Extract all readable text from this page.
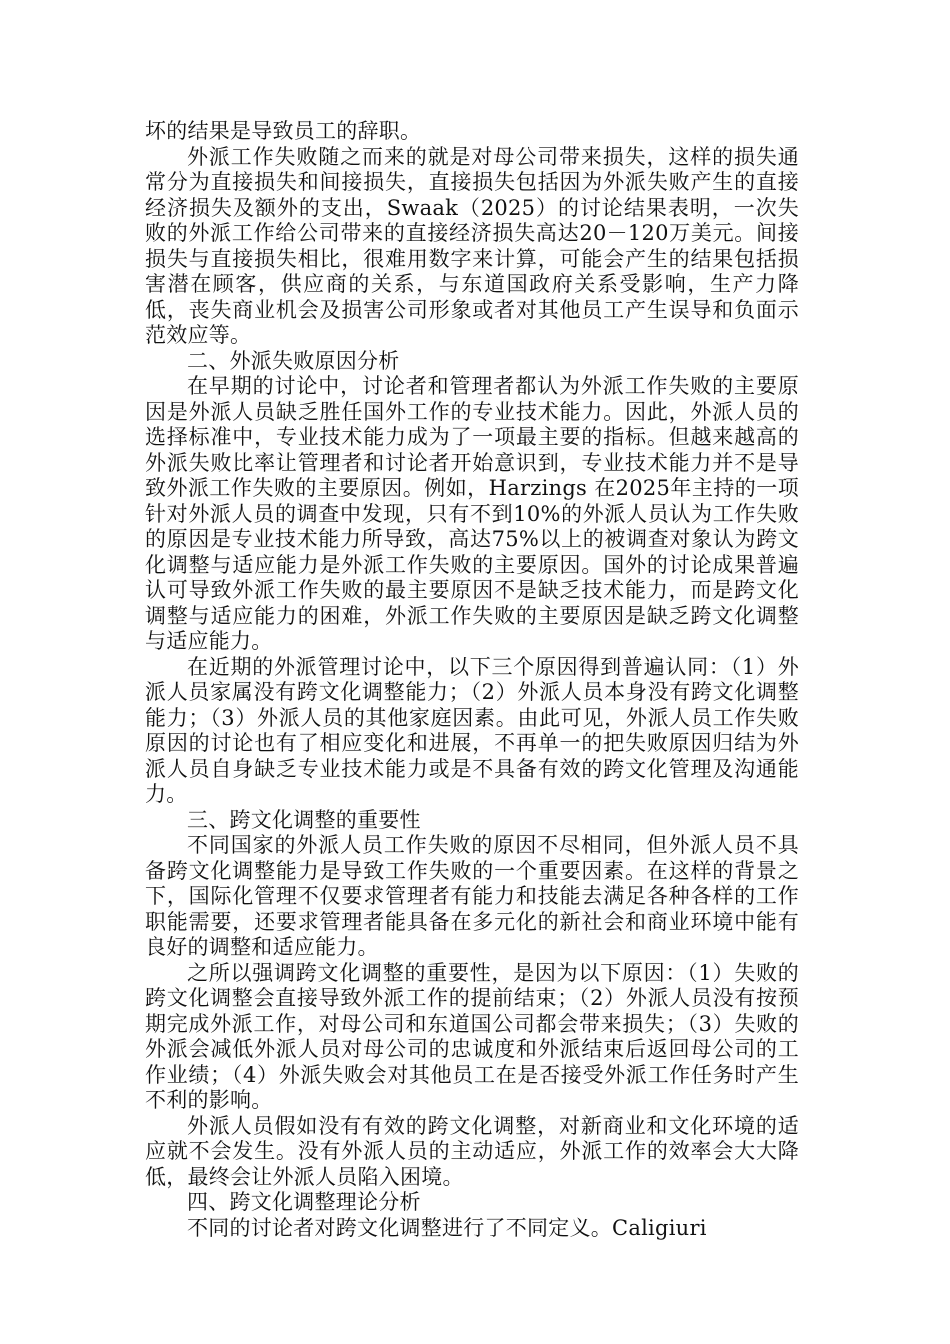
坏的结果是导致员工的辞职。

外派工作失败随之而来的就是对母公司带来损失，这样的损失通常分为直接损失和间接损失，直接损失包括因为外派失败产生的直接经济损失及额外的支出，Swaak（2025）的讨论结果表明，一次失败的外派工作给公司带来的直接经济损失高达20－120万美元。间接损失与直接损失相比，很难用数字来计算，可能会产生的结果包括损害潜在顾客，供应商的关系，与东道国政府关系受影响，生产力降低，丧失商业机会及损害公司形象或者对其他员工产生误导和负面示范效应等。

二、外派失败原因分析

在早期的讨论中，讨论者和管理者都认为外派工作失败的主要原因是外派人员缺乏胜任国外工作的专业技术能力。因此，外派人员的选择标准中，专业技术能力成为了一项最主要的指标。但越来越高的外派失败比率让管理者和讨论者开始意识到，专业技术能力并不是导致外派工作失败的主要原因。例如，Harzings 在2025年主持的一项针对外派人员的调查中发现，只有不到10%的外派人员认为工作失败的原因是专业技术能力所导致，高达75%以上的被调查对象认为跨文化调整与适应能力是外派工作失败的主要原因。国外的讨论成果普遍认可导致外派工作失败的最主要原因不是缺乏技术能力，而是跨文化调整与适应能力的困难，外派工作失败的主要原因是缺乏跨文化调整与适应能力。

在近期的外派管理讨论中，以下三个原因得到普遍认同：（1）外派人员家属没有跨文化调整能力；（2）外派人员本身没有跨文化调整能力；（3）外派人员的其他家庭因素。由此可见，外派人员工作失败原因的讨论也有了相应变化和进展，不再单一的把失败原因归结为外派人员自身缺乏专业技术能力或是不具备有效的跨文化管理及沟通能力。

三、跨文化调整的重要性

不同国家的外派人员工作失败的原因不尽相同，但外派人员不具备跨文化调整能力是导致工作失败的一个重要因素。在这样的背景之下，国际化管理不仅要求管理者有能力和技能去满足各种各样的工作职能需要，还要求管理者能具备在多元化的新社会和商业环境中能有良好的调整和适应能力。

之所以强调跨文化调整的重要性，是因为以下原因：（1）失败的跨文化调整会直接导致外派工作的提前结束；（2）外派人员没有按预期完成外派工作，对母公司和东道国公司都会带来损失；（3）失败的外派会减低外派人员对母公司的忠诚度和外派结束后返回母公司的工作业绩；（4）外派失败会对其他员工在是否接受外派工作任务时产生不利的影响。

外派人员假如没有有效的跨文化调整，对新商业和文化环境的适应就不会发生。没有外派人员的主动适应，外派工作的效率会大大降低，最终会让外派人员陷入困境。

四、跨文化调整理论分析

不同的讨论者对跨文化调整进行了不同定义。Caligiuri
